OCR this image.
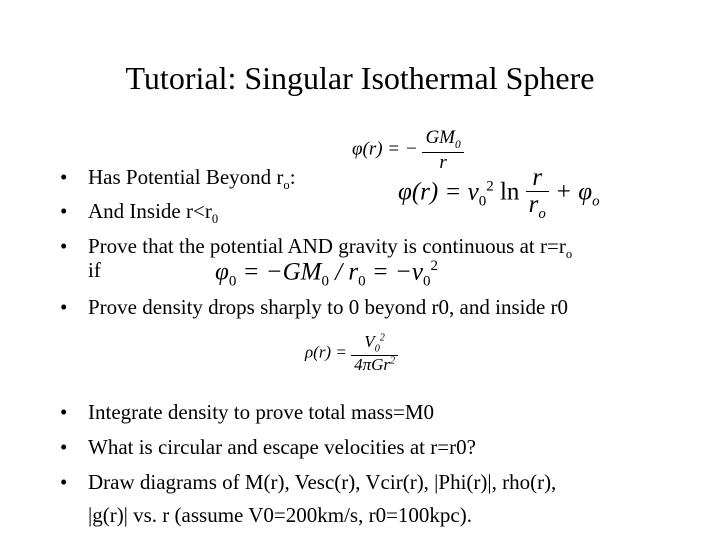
Tutorial: Singular Isothermal Sphere
• Has Potential Beyond $r_o$:
• And Inside $r<r_0$
• Prove that the potential AND gravity is continuous at $r=r_o$
if
• Prove density drops sharply to 0 beyond r0, and inside r0
• Integrate density to prove total mass=M0
• What is circular and escape velocities at r=r0?
• Draw diagrams of M(r), Vesc(r), Vcir(r), |Phi(r)|, rho(r),
|g(r)| vs. r (assume V0=200km/s, r0=100kpc).
φ(r) = − $\frac{GM_0}{r}$
$\varphi(r) = v_0^2$ $\ln \frac{r}{r_o} + \varphi_o$
$\varphi_0 = -GM_0 / r_0 = -v_0^2$
$\rho(r) = \frac{V_0^2}{4\pi Gr^2}$
